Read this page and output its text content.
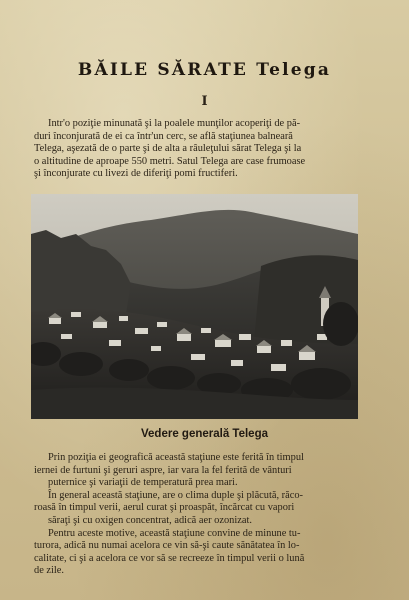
BĂILE SĂRATE Telega
I
Intr'o poziţie minunată şi la poalele munţilor acoperiţi de pă-
duri înconjurată de ei ca într'un cerc, se află staţiunea balneară
Telega, aşezată de o parte şi de alta a râuleţului sărat Telega şi la
o altitudine de aproape 550 metri. Satul Telega are case frumoase
şi înconjurate cu livezi de diferiţi pomi fructiferi.
Vedere generală Telega
Prin poziţia ei geografică această staţiune este ferită în timpul
iernei de furtuni şi geruri aspre, iar vara la fel ferită de vânturi
puternice şi variaţii de temperatură prea mari.
În general această staţiune, are o clima duple şi plăcută, răco-
roasă în timpul verii, aerul curat şi proaspăt, încărcat cu vapori
săraţi şi cu oxigen concentrat, adică aer ozonizat.
Pentru aceste motive, această staţiune convine de minune tu-
turora, adică nu numai acelora ce vin să-şi caute sănătatea în lo-
calitate, ci şi a acelora ce vor să se recreeze în timpul verii o lună
de zile.
